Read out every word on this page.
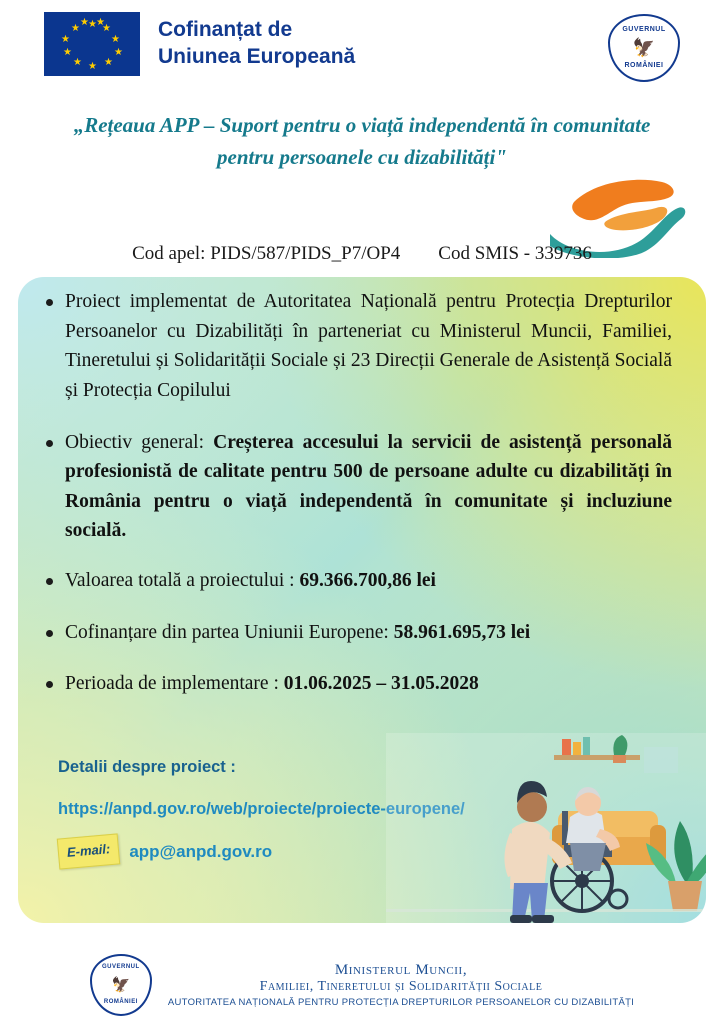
★ ★
★
★
★
★
★
★
★
★
★ ★	Cofinanțat de
Uniunea Europeană
GUVERNUL
🦅
ROMÂNIEI
„Rețeaua APP – Suport pentru o viață independentă în comunitate
pentru persoanele cu dizabilități"
Cod apel: PIDS/587/PIDS_P7/OP4 Cod SMIS - 339736
Proiect implementat de Autoritatea Națională pentru Protecția Drepturilor Persoanelor cu Dizabilități în parteneriat cu Ministerul Muncii, Familiei, Tineretului și Solidarității Sociale și 23 Direcții Generale de Asistență Socială și Protecția Copilului
Obiectiv general: Creșterea accesului la servicii de asistență personală profesionistă de calitate pentru 500 de persoane adulte cu dizabilități în România pentru o viață independentă în comunitate și incluziune socială.
Valoarea totală a proiectului : 69.366.700,86 lei
Cofinanțare din partea Uniunii Europene: 58.961.695,73 lei
Perioada de implementare : 01.06.2025 – 31.05.2028
Detalii despre proiect :
https://anpd.gov.ro/web/proiecte/proiecte-europene/
E-mail:	app@anpd.gov.ro
GUVERNUL
🦅
ROMÂNIEI
Ministerul Muncii,
Familiei, Tineretului și Solidarității Sociale
AUTORITATEA NAȚIONALĂ PENTRU PROTECȚIA DREPTURILOR PERSOANELOR CU DIZABILITĂȚI
